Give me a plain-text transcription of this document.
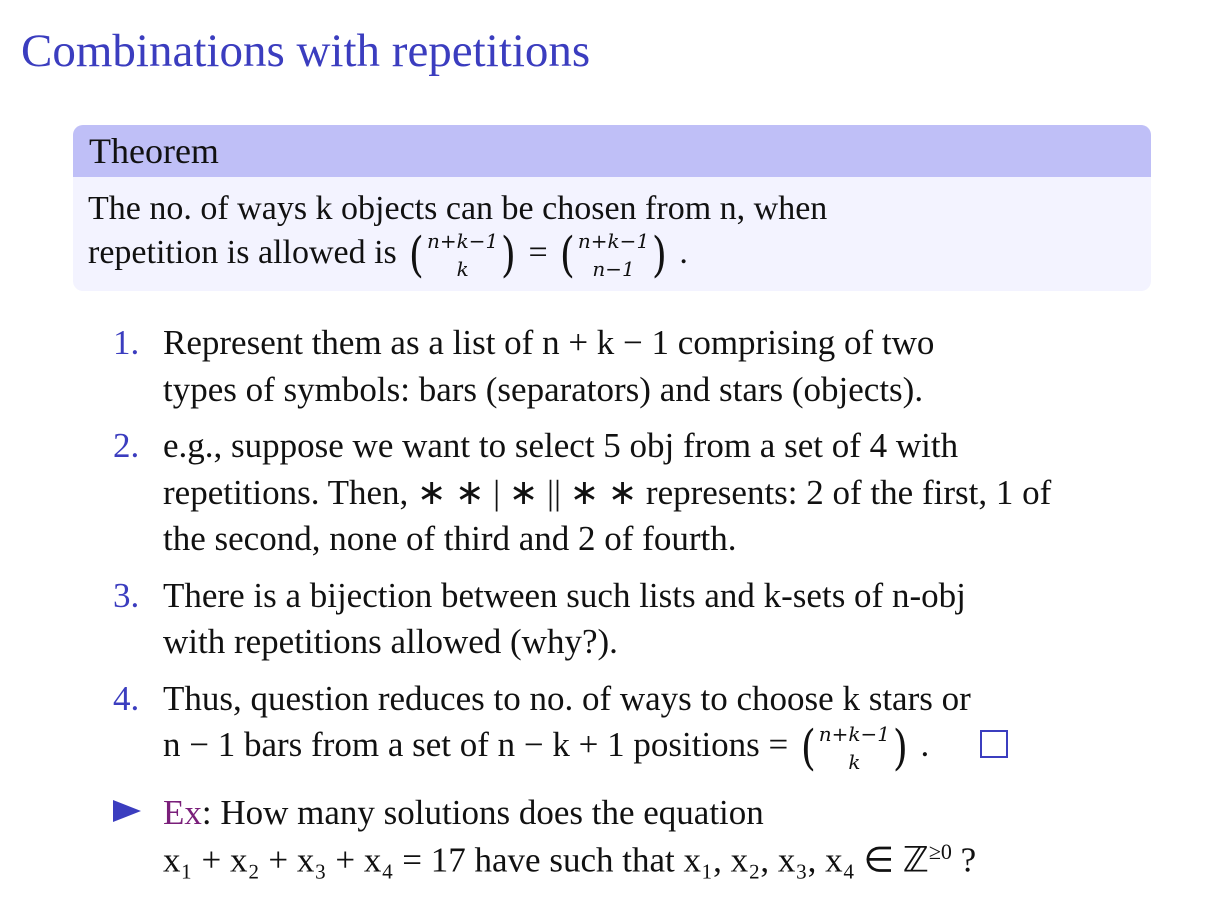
Combinations with repetitions
Theorem
The no. of ways k objects can be chosen from n, when
repetition is allowed is ( n+k−1
k ) = ( n+k−1
n−1 ) .
1. Represent them as a list of n + k − 1 comprising of two
types of symbols: bars (separators) and stars (objects).
2. e.g., suppose we want to select 5 obj from a set of 4 with
repetitions. Then, ∗ ∗ | ∗ || ∗ ∗ represents: 2 of the first, 1 of
the second, none of third and 2 of fourth.
3. There is a bijection between such lists and k-sets of n-obj
with repetitions allowed (why?).
4. Thus, question reduces to no. of ways to choose k stars or
n − 1 bars from a set of n − k + 1 positions = ( n+k−1
k ) .
Ex: How many solutions does the equation
x₁ + x₂ + x₃ + x₄ = 17 have such that x₁, x₂, x₃, x₄ ∈ ℤ$^{\ge 0}$ ?
